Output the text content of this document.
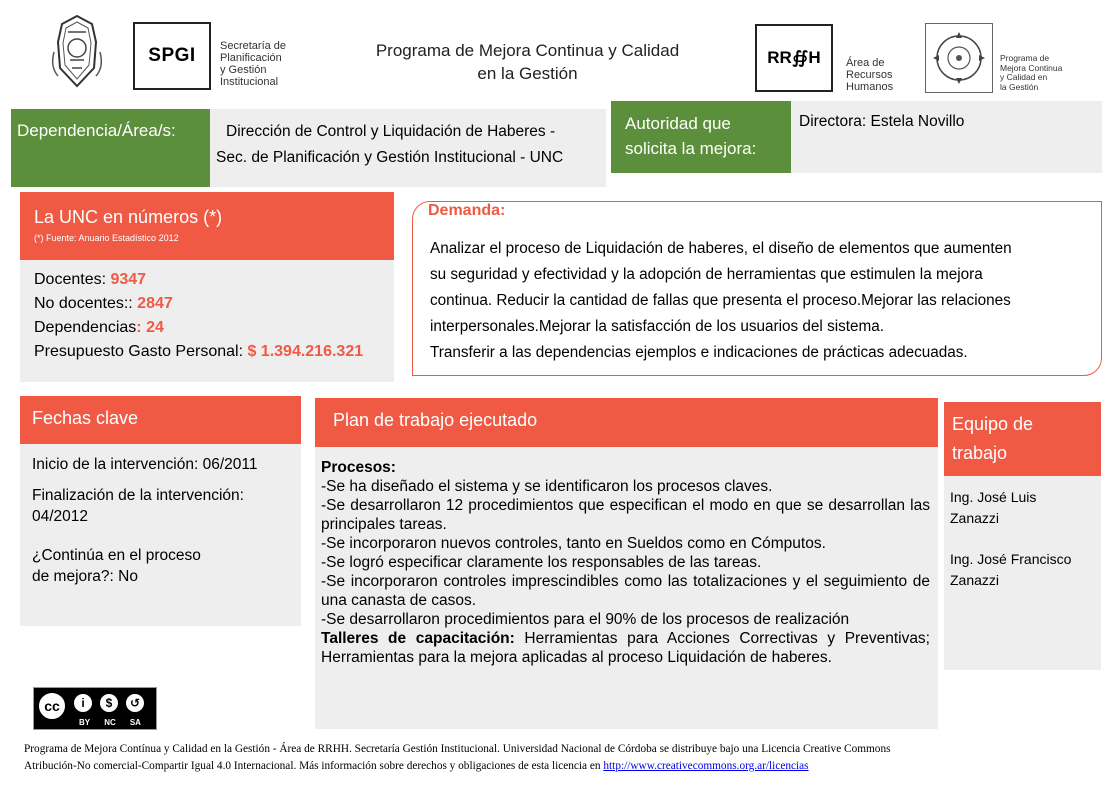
SPGI Secretaría de
Planificación
y Gestión
Institucional
Programa de Mejora Continua y Calidad
en la Gestión
RR∯H Área de
Recursos
Humanos
Programa de
Mejora Continua
y Calidad en
la Gestión
Dependencia/Área/s:	Dirección de Control y Liquidación de Haberes -
Sec. de Planificación y Gestión Institucional - UNC
Autoridad que
solicita la mejora:
Directora: Estela Novillo
La UNC en números (*)
(*) Fuente: Anuario Estadístico 2012
Docentes: 9347
No docentes:: 2847
Dependencias: 24
Presupuesto Gasto Personal: $ 1.394.216.321
Demanda:
Analizar el proceso de Liquidación de haberes, el diseño de elementos que aumenten
su seguridad y efectividad y la adopción de herramientas que estimulen la mejora
continua. Reducir la cantidad de fallas que presenta el proceso.Mejorar las relaciones
interpersonales.Mejorar la satisfacción de los usuarios del sistema.
Transferir a las dependencias ejemplos e indicaciones de prácticas adecuadas.
Fechas clave
Inicio de la intervención: 06/2011
Finalización de la intervención:
04/2012
¿Continúa en el proceso
de mejora?: No
Plan de trabajo ejecutado

Procesos:

-Se ha diseñado el sistema y se identificaron los procesos claves.

-Se desarrollaron 12 procedimientos que especifican el modo en que se desarrollan las principales tareas.

-Se incorporaron nuevos controles, tanto en Sueldos como en Cómputos.

-Se logró especificar claramente los responsables de las tareas.

-Se incorporaron controles imprescindibles como las totalizaciones y el seguimiento de una canasta de casos.

-Se desarrollaron procedimientos para el 90% de los procesos de realización

Talleres de capacitación: Herramientas para Acciones Correctivas y Preventivas; Herramientas para la mejora aplicadas al proceso Liquidación de haberes.

Equipo de
trabajo
Ing. José Luis
Zanazzi
Ing. José Francisco
Zanazzi
cc	i	$	↺
BY NC SA
Programa de Mejora Contínua y Calidad en la Gestión - Área de RRHH. Secretaría Gestión Institucional. Universidad Nacional de Córdoba se distribuye bajo una Licencia Creative Commons
Atribución-No comercial-Compartir Igual 4.0 Internacional. Más información sobre derechos y obligaciones de esta licencia en http://www.creativecommons.org.ar/licencias
